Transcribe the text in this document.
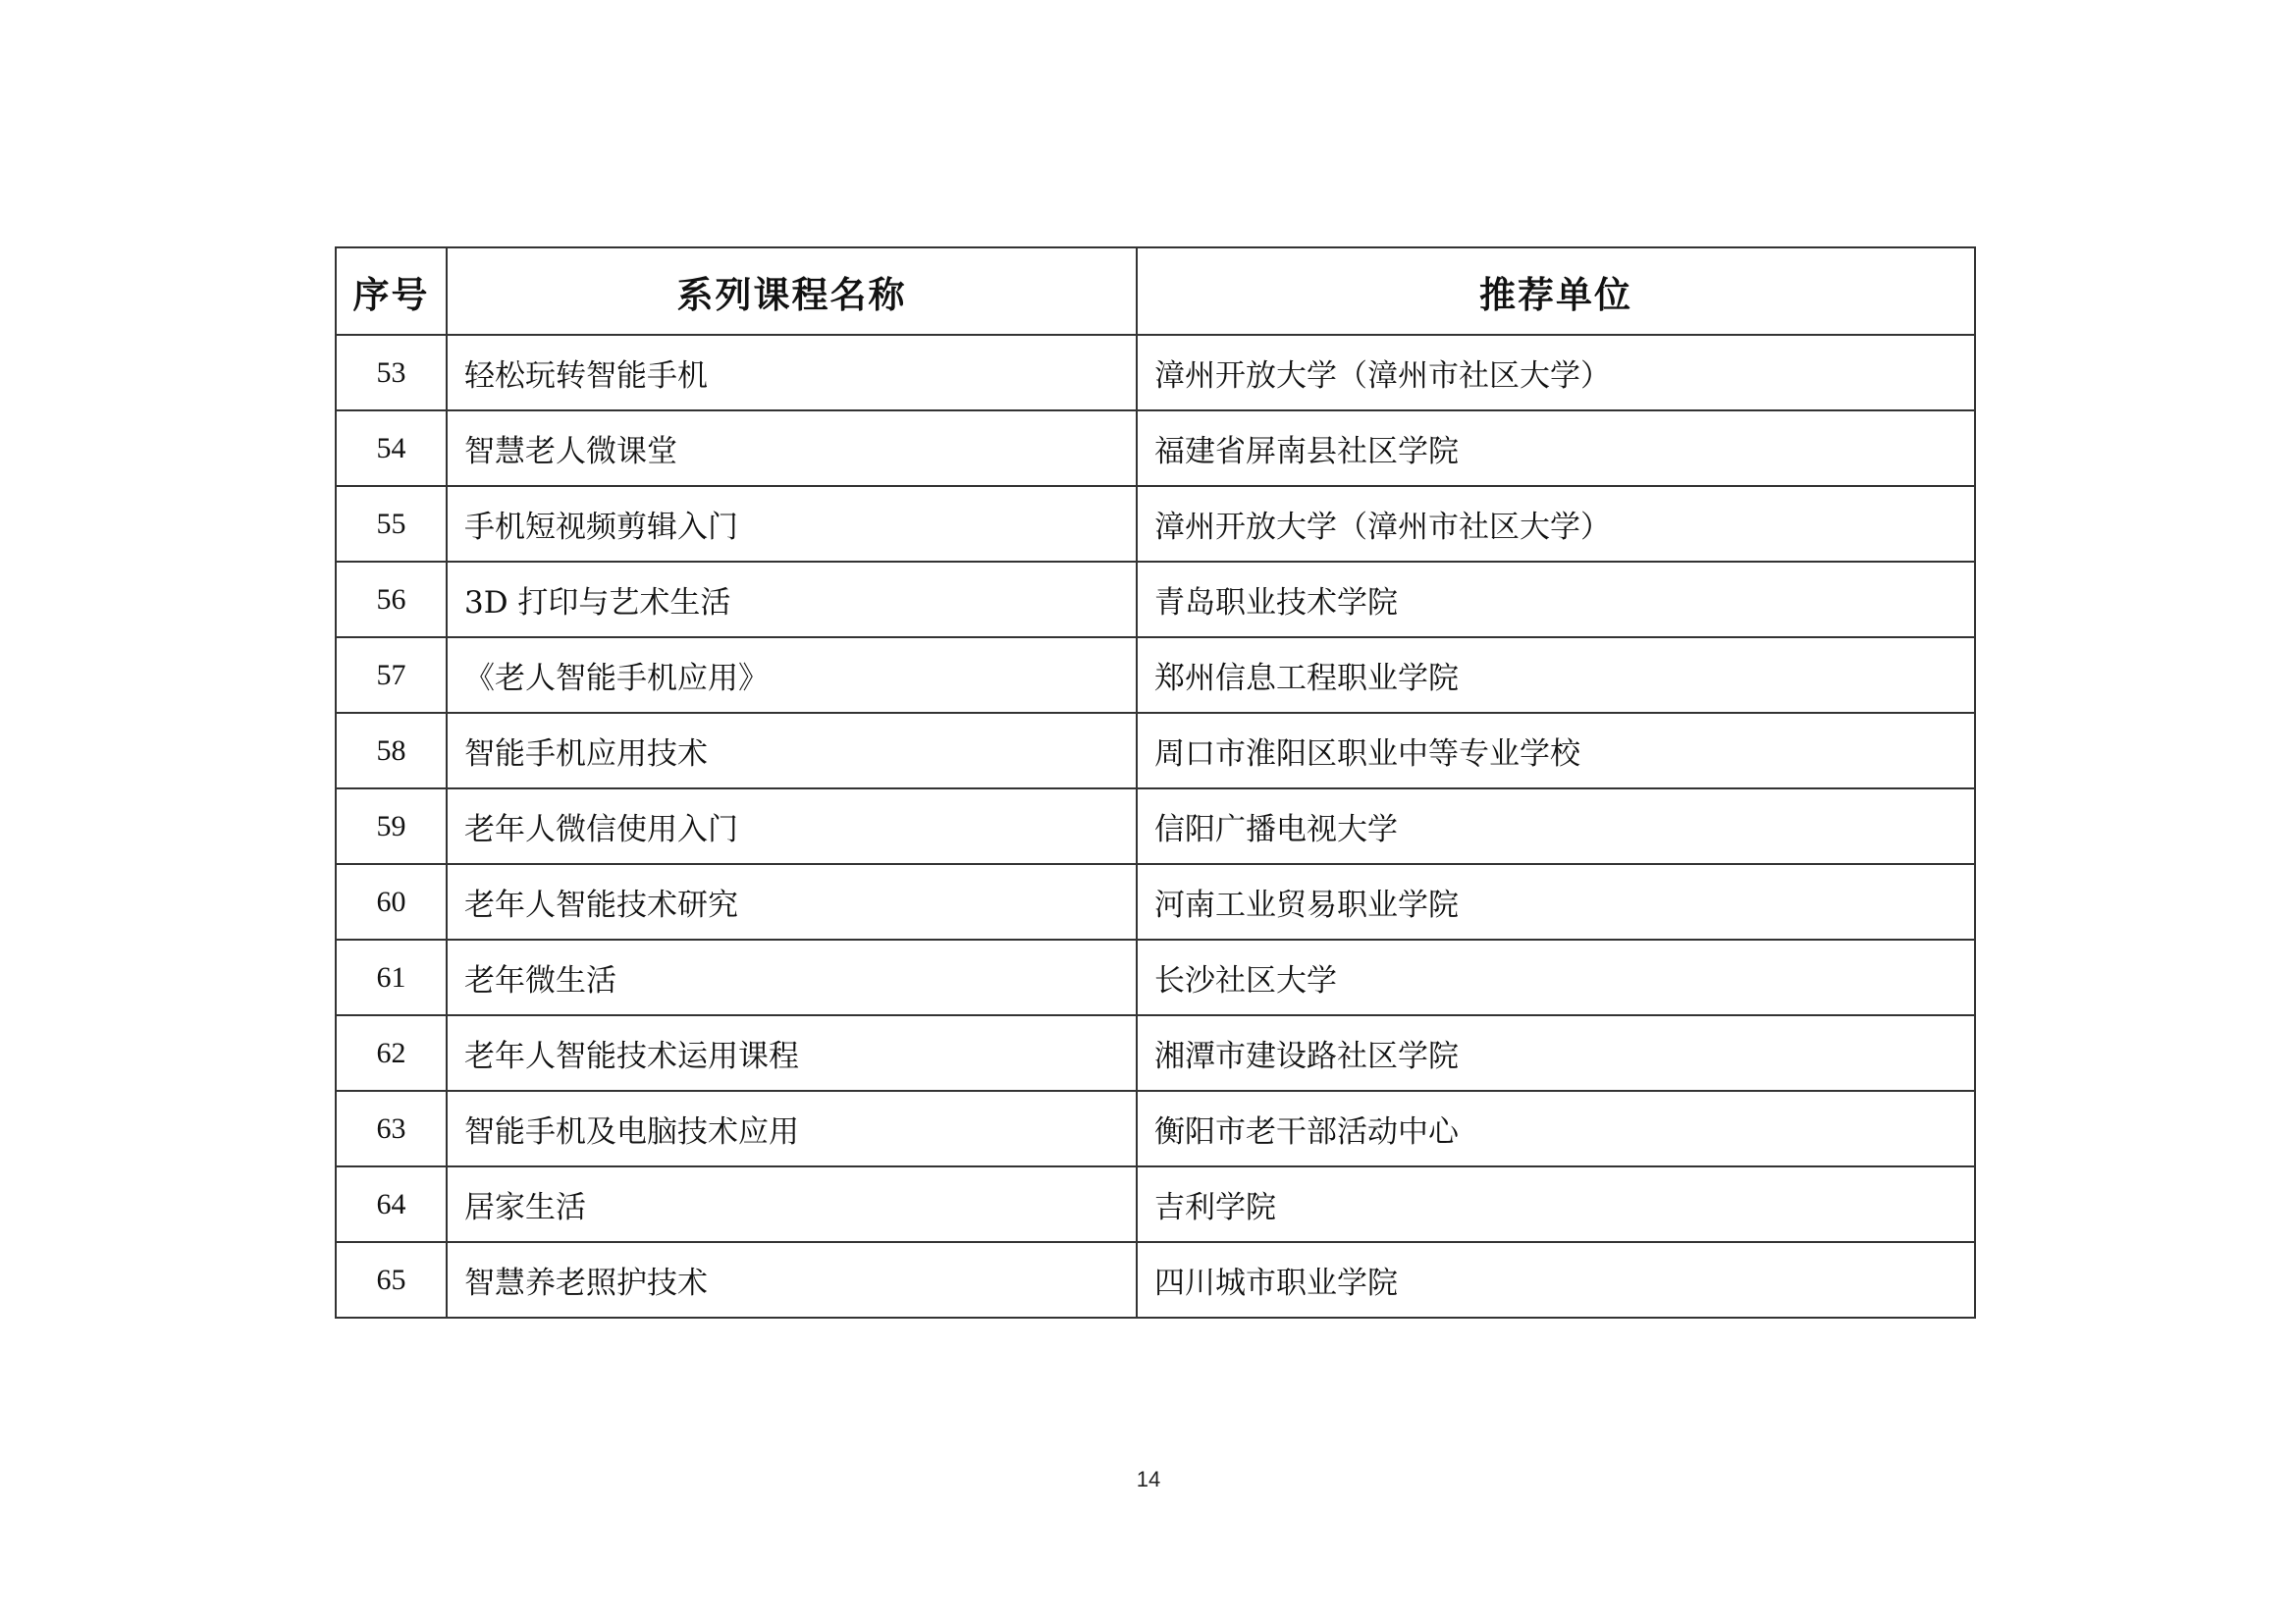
序号	系列课程名称	推荐单位
53	轻松玩转智能手机	漳州开放大学（漳州市社区大学）
54	智慧老人微课堂	福建省屏南县社区学院
55	手机短视频剪辑入门	漳州开放大学（漳州市社区大学）
56	3D 打印与艺术生活	青岛职业技术学院
57	《老人智能手机应用》	郑州信息工程职业学院
58	智能手机应用技术	周口市淮阳区职业中等专业学校
59	老年人微信使用入门	信阳广播电视大学
60	老年人智能技术研究	河南工业贸易职业学院
61	老年微生活	长沙社区大学
62	老年人智能技术运用课程	湘潭市建设路社区学院
63	智能手机及电脑技术应用	衡阳市老干部活动中心
64	居家生活	吉利学院
65	智慧养老照护技术	四川城市职业学院
14
